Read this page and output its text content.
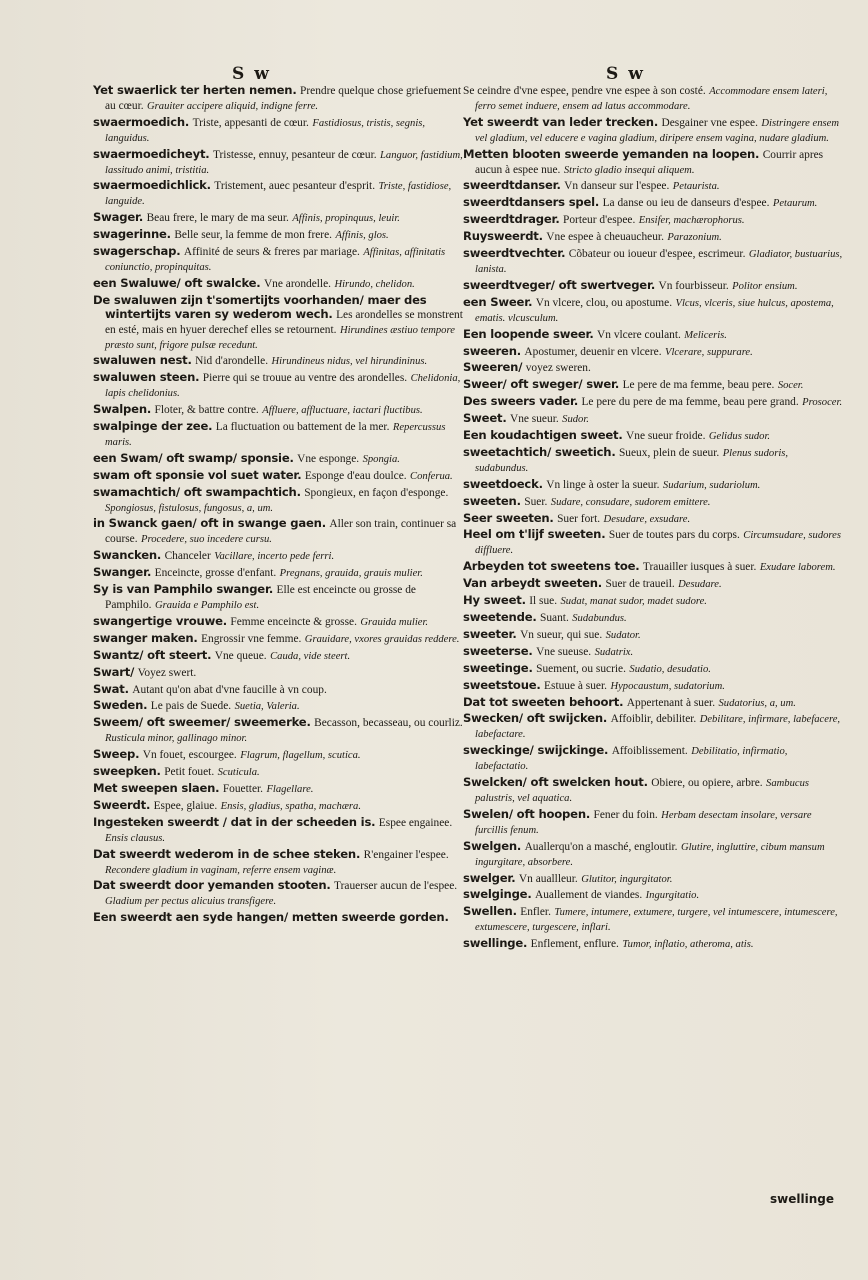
S w	S w

Yet swaerlick ter herten nemen. Prendre quelque chose griefuement au cœur. Grauiter accipere aliquid, indigne ferre.

swaermoedich. Triste, appesanti de cœur. Fastidiosus, tristis, segnis, languidus.

swaermoedicheyt. Tristesse, ennuy, pesanteur de cœur. Languor, fastidium, lassitudo animi, tristitia.

swaermoedichlick. Tristement, auec pesanteur d'esprit. Triste, fastidiose, languide.

Swager. Beau frere, le mary de ma seur. Affinis, propinquus, leuir.

swagerinne. Belle seur, la femme de mon frere. Affinis, glos.

swagerschap. Affinité de seurs & freres par mariage. Affinitas, affinitatis coniunctio, propinquitas.

een Swaluwe/ oft swalcke. Vne arondelle. Hirundo, chelidon.

De swaluwen zijn t'somertijts voorhanden/ maer des wintertijts varen sy wederom wech. Les arondelles se monstrent en esté, mais en hyuer derechef elles se retournent. Hirundines æstiuo tempore præsto sunt, frigore pulsæ recedunt.

swaluwen nest. Nid d'arondelle. Hirundineus nidus, vel hirundininus.

swaluwen steen. Pierre qui se trouue au ventre des arondelles. Chelidonia, lapis chelidonius.

Swalpen. Floter, & battre contre. Affluere, affluctuare, iactari fluctibus.

swalpinge der zee. La fluctuation ou battement de la mer. Repercussus maris.

een Swam/ oft swamp/ sponsie. Vne esponge. Spongia.

swam oft sponsie vol suet water. Esponge d'eau doulce. Conferua.

swamachtich/ oft swampachtich. Spongieux, en façon d'esponge. Spongiosus, fistulosus, fungosus, a, um.

in Swanck gaen/ oft in swange gaen. Aller son train, continuer sa course. Procedere, suo incedere cursu.

Swancken. Chanceler Vacillare, incerto pede ferri.

Swanger. Enceincte, grosse d'enfant. Pregnans, grauida, grauis mulier.

Sy is van Pamphilo swanger. Elle est enceincte ou grosse de Pamphilo. Grauida e Pamphilo est.

swangertige vrouwe. Femme enceincte & grosse. Grauida mulier.

swanger maken. Engrossir vne femme. Grauidare, vxores grauidas reddere.

Swantz/ oft steert. Vne queue. Cauda, vide steert.

Swart/ Voyez swert.

Swat. Autant qu'on abat d'vne faucille à vn coup.

Sweden. Le pais de Suede. Suetia, Valeria.

Sweem/ oft sweemer/ sweemerke. Becasson, becasseau, ou courliz. Rusticula minor, gallinago minor.

Sweep. Vn fouet, escourgee. Flagrum, flagellum, scutica.

sweepken. Petit fouet. Scuticula.

Met sweepen slaen. Fouetter. Flagellare.

Sweerdt. Espee, glaiue. Ensis, gladius, spatha, machæra.

Ingesteken sweerdt / dat in der scheeden is. Espee engainee. Ensis clausus.

Dat sweerdt wederom in de schee steken. R'engainer l'espee. Recondere gladium in vaginam, referre ensem vaginæ.

Dat sweerdt door yemanden stooten. Trauerser aucun de l'espee. Gladium per pectus alicuius transfigere.

Een sweerdt aen syde hangen/ metten sweerde gorden.

Se ceindre d'vne espee, pendre vne espee à son costé. Accommodare ensem lateri, ferro semet induere, ensem ad latus accommodare.

Yet sweerdt van leder trecken. Desgainer vne espee. Distringere ensem vel gladium, vel educere e vagina gladium, diripere ensem vagina, nudare gladium.

Metten blooten sweerde yemanden na loopen. Courrir apres aucun à espee nue. Stricto gladio insequi aliquem.

sweerdtdanser. Vn danseur sur l'espee. Petaurista.

sweerdtdansers spel. La danse ou ieu de danseurs d'espee. Petaurum.

sweerdtdrager. Porteur d'espee. Ensifer, machærophorus.

Ruysweerdt. Vne espee à cheuaucheur. Parazonium.

sweerdtvechter. Cõbateur ou ioueur d'espee, escrimeur. Gladiator, bustuarius, lanista.

sweerdtveger/ oft swertveger. Vn fourbisseur. Politor ensium.

een Sweer. Vn vlcere, clou, ou apostume. Vlcus, vlceris, siue hulcus, apostema, ematis. vlcusculum.

Een loopende sweer. Vn vlcere coulant. Meliceris.

sweeren. Apostumer, deuenir en vlcere. Vlcerare, suppurare.

Sweeren/ voyez sweren.

Sweer/ oft sweger/ swer. Le pere de ma femme, beau pere. Socer.

Des sweers vader. Le pere du pere de ma femme, beau pere grand. Prosocer.

Sweet. Vne sueur. Sudor.

Een koudachtigen sweet. Vne sueur froide. Gelidus sudor.

sweetachtich/ sweetich. Sueux, plein de sueur. Plenus sudoris, sudabundus.

sweetdoeck. Vn linge à oster la sueur. Sudarium, sudariolum.

sweeten. Suer. Sudare, consudare, sudorem emittere.

Seer sweeten. Suer fort. Desudare, exsudare.

Heel om t'lijf sweeten. Suer de toutes pars du corps. Circumsudare, sudores diffluere.

Arbeyden tot sweetens toe. Trauailler iusques à suer. Exudare laborem.

Van arbeydt sweeten. Suer de traueil. Desudare.

Hy sweet. Il sue. Sudat, manat sudor, madet sudore.

sweetende. Suant. Sudabundus.

sweeter. Vn sueur, qui sue. Sudator.

sweeterse. Vne sueuse. Sudatrix.

sweetinge. Suement, ou sucrie. Sudatio, desudatio.

sweetstoue. Estuue à suer. Hypocaustum, sudatorium.

Dat tot sweeten behoort. Appertenant à suer. Sudatorius, a, um.

Swecken/ oft swijcken. Affoiblir, debiliter. Debilitare, infirmare, labefacere, labefactare.

sweckinge/ swijckinge. Affoiblissement. Debilitatio, infirmatio, labefactatio.

Swelcken/ oft swelcken hout. Obiere, ou opiere, arbre. Sambucus palustris, vel aquatica.

Swelen/ oft hoopen. Fener du foin. Herbam desectam insolare, versare furcillis fenum.

Swelgen. Auallerqu'on a masché, engloutir. Glutire, ingluttire, cibum mansum ingurgitare, absorbere.

swelger. Vn auallleur. Glutitor, ingurgitator.

swelginge. Auallement de viandes. Ingurgitatio.

Swellen. Enfler. Tumere, intumere, extumere, turgere, vel intumescere, intumescere, extumescere, turgescere, inflari.

swellinge. Enflement, enflure. Tumor, inflatio, atheroma, atis.

swellinge
